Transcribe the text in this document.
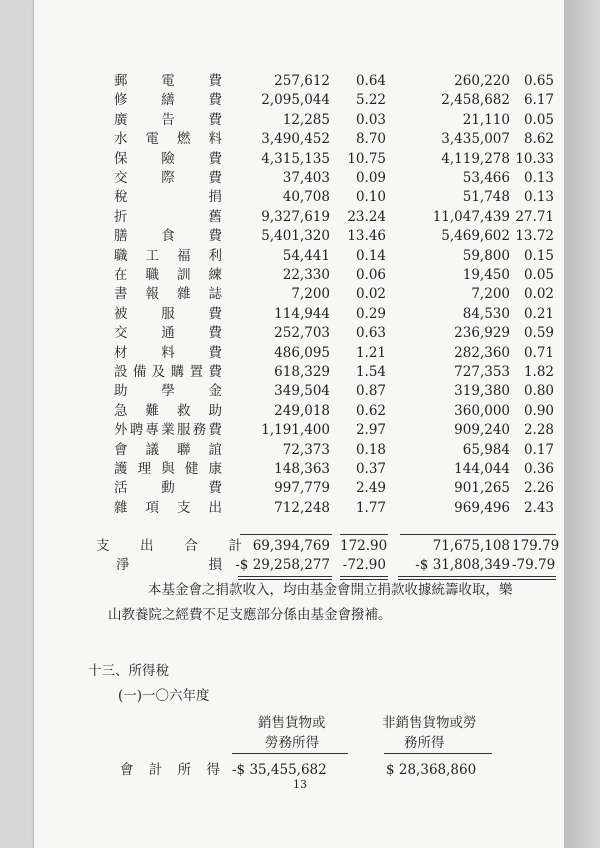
郵	電	費	257,612	0.64	260,220	0.65
修	繕	費	2,095,044	5.22	2,458,682	6.17
廣	告	費	12,285	0.03	21,110	0.05
水 電 燃 料	3,490,452	8.70	3,435,007	8.62
保	險	費	4,315,135	10.75	4,119,278 10.33
交	際	費	37,403	0.09	53,466	0.13
稅	捐	40,708	0.10	51,748	0.13
折	舊	9,327,619	23.24	11,047,439 27.71
膳	食	費	5,401,320	13.46	5,469,602 13.72
職 工 福 利	54,441	0.14	59,800	0.15
在 職 訓 練	22,330	0.06	19,450	0.05
書 報 雜 誌	7,200	0.02	7,200	0.02
被	服	費	114,944	0.29	84,530	0.21
交	通	費	252,703	0.63	236,929	0.59
材	料	費	486,095	1.21	282,360	0.71
設 備 及 購 置 費	618,329	1.54	727,353	1.82
助	學	金	349,504	0.87	319,380	0.80
急 難 救 助	249,018	0.62	360,000	0.90
外 聘 專 業 服 務 費	1,191,400	2.97	909,240	2.28
會 議 聯 誼	72,373	0.18	65,984	0.17
護 理 與 健 康	148,363	0.37	144,044	0.36
活	動	費	997,779	2.49	901,265	2.26
雜 項 支 出	712,248	1.77	969,496	2.43
支 出 合 計 69,394,769 172.90	71,675,108 179.79
淨	損 -$ 29,258,277 -72.90	-$ 31,808,349 -79.79
本基金會之捐款收入，均由基金會開立捐款收據統籌收取，樂
山教養院之經費不足支應部分係由基金會撥補。
十三、所得稅
(一)一〇六年度
銷售貨物或
勞務所得
非銷售貨物或勞
務所得
會 計 所 得 -$ 35,455,682	$ 28,368,860
13
